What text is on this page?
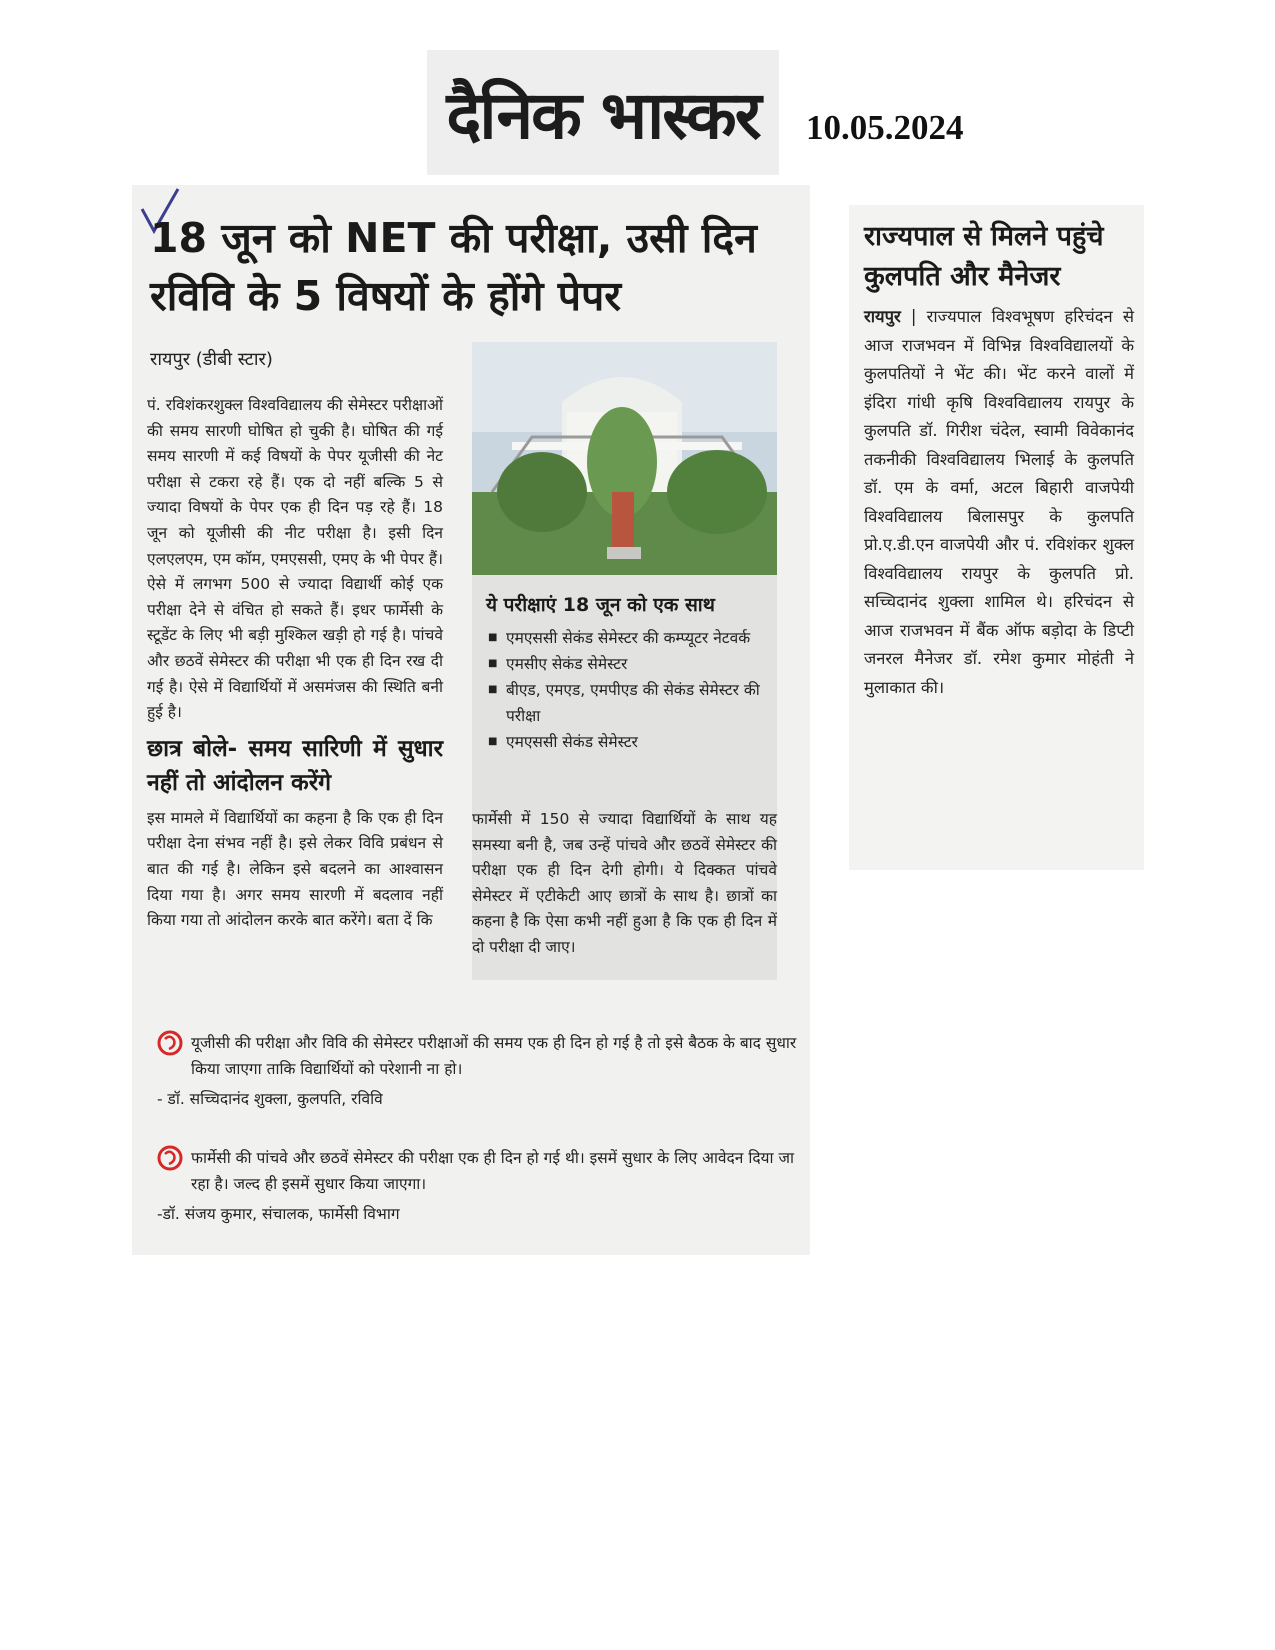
दैनिक भास्कर 10.05.2024
18 जून को NET की परीक्षा, उसी दिन रविवि के 5 विषयों के होंगे पेपर
रायपुर (डीबी स्टार)

पं. रविशंकरशुक्ल विश्वविद्यालय की सेमेस्टर परीक्षाओं की समय सारणी घोषित हो चुकी है। घोषित की गई समय सारणी में कई विषयों के पेपर यूजीसी की नेट परीक्षा से टकरा रहे हैं। एक दो नहीं बल्कि 5 से ज्यादा विषयों के पेपर एक ही दिन पड़ रहे हैं। 18 जून को यूजीसी की नीट परीक्षा है। इसी दिन एलएलएम, एम कॉम, एमएससी, एमए के भी पेपर हैं। ऐसे में लगभग 500 से ज्यादा विद्यार्थी कोई एक परीक्षा देने से वंचित हो सकते हैं। इधर फार्मेसी के स्टूडेंट के लिए भी बड़ी मुश्किल खड़ी हो गई है। पांचवे और छठवें सेमेस्टर की परीक्षा भी एक ही दिन रख दी गई है। ऐसे में विद्यार्थियों में असमंजस की स्थिति बनी हुई है।

छात्र बोले- समय सारिणी में सुधार नहीं तो आंदोलन करेंगे

इस मामले में विद्यार्थियों का कहना है कि एक ही दिन परीक्षा देना संभव नहीं है। इसे लेकर विवि प्रबंधन से बात की गई है। लेकिन इसे बदलने का आश्वासन दिया गया है। अगर समय सारणी में बदलाव नहीं किया गया तो आंदोलन करके बात करेंगे। बता दें कि

ये परीक्षाएं 18 जून को एक साथ
■ एमएससी सेकंड सेमेस्टर की कम्प्यूटर नेटवर्क
■ एमसीए सेकंड सेमेस्टर
■ बीएड, एमएड, एमपीएड की सेकंड सेमेस्टर की परीक्षा
■ एमएससी सेकंड सेमेस्टर
फार्मेसी में 150 से ज्यादा विद्यार्थियों के साथ यह समस्या बनी है, जब उन्हें पांचवे और छठवें सेमेस्टर की परीक्षा एक ही दिन देगी होगी। ये दिक्कत पांचवे सेमेस्टर में एटीकेटी आए छात्रों के साथ है। छात्रों का कहना है कि ऐसा कभी नहीं हुआ है कि एक ही दिन में दो परीक्षा दी जाए।

यूजीसी की परीक्षा और विवि की सेमेस्टर परीक्षाओं की समय एक ही दिन हो गई है तो इसे बैठक के बाद सुधार किया जाएगा ताकि विद्यार्थियों को परेशानी ना हो।

- डॉ. सच्चिदानंद शुक्ला, कुलपति, रविवि

फार्मेसी की पांचवे और छठवें सेमेस्टर की परीक्षा एक ही दिन हो गई थी। इसमें सुधार के लिए आवेदन दिया जा रहा है। जल्द ही इसमें सुधार किया जाएगा।

-डॉ. संजय कुमार, संचालक, फार्मेसी विभाग

राज्यपाल से मिलने पहुंचे कुलपति और मैनेजर
रायपुर | राज्यपाल विश्वभूषण हरिचंदन से आज राजभवन में विभिन्न विश्वविद्यालयों के कुलपतियों ने भेंट की। भेंट करने वालों में इंदिरा गांधी कृषि विश्वविद्यालय रायपुर के कुलपति डॉ. गिरीश चंदेल, स्वामी विवेकानंद तकनीकी विश्वविद्यालय भिलाई के कुलपति डॉ. एम के वर्मा, अटल बिहारी वाजपेयी विश्वविद्यालय बिलासपुर के कुलपति प्रो.ए.डी.एन वाजपेयी और पं. रविशंकर शुक्ल विश्वविद्यालय रायपुर के कुलपति प्रो. सच्चिदानंद शुक्ला शामिल थे। हरिचंदन से आज राजभवन में बैंक ऑफ बड़ोदा के डिप्टी जनरल मैनेजर डॉ. रमेश कुमार मोहंती ने मुलाकात की।
